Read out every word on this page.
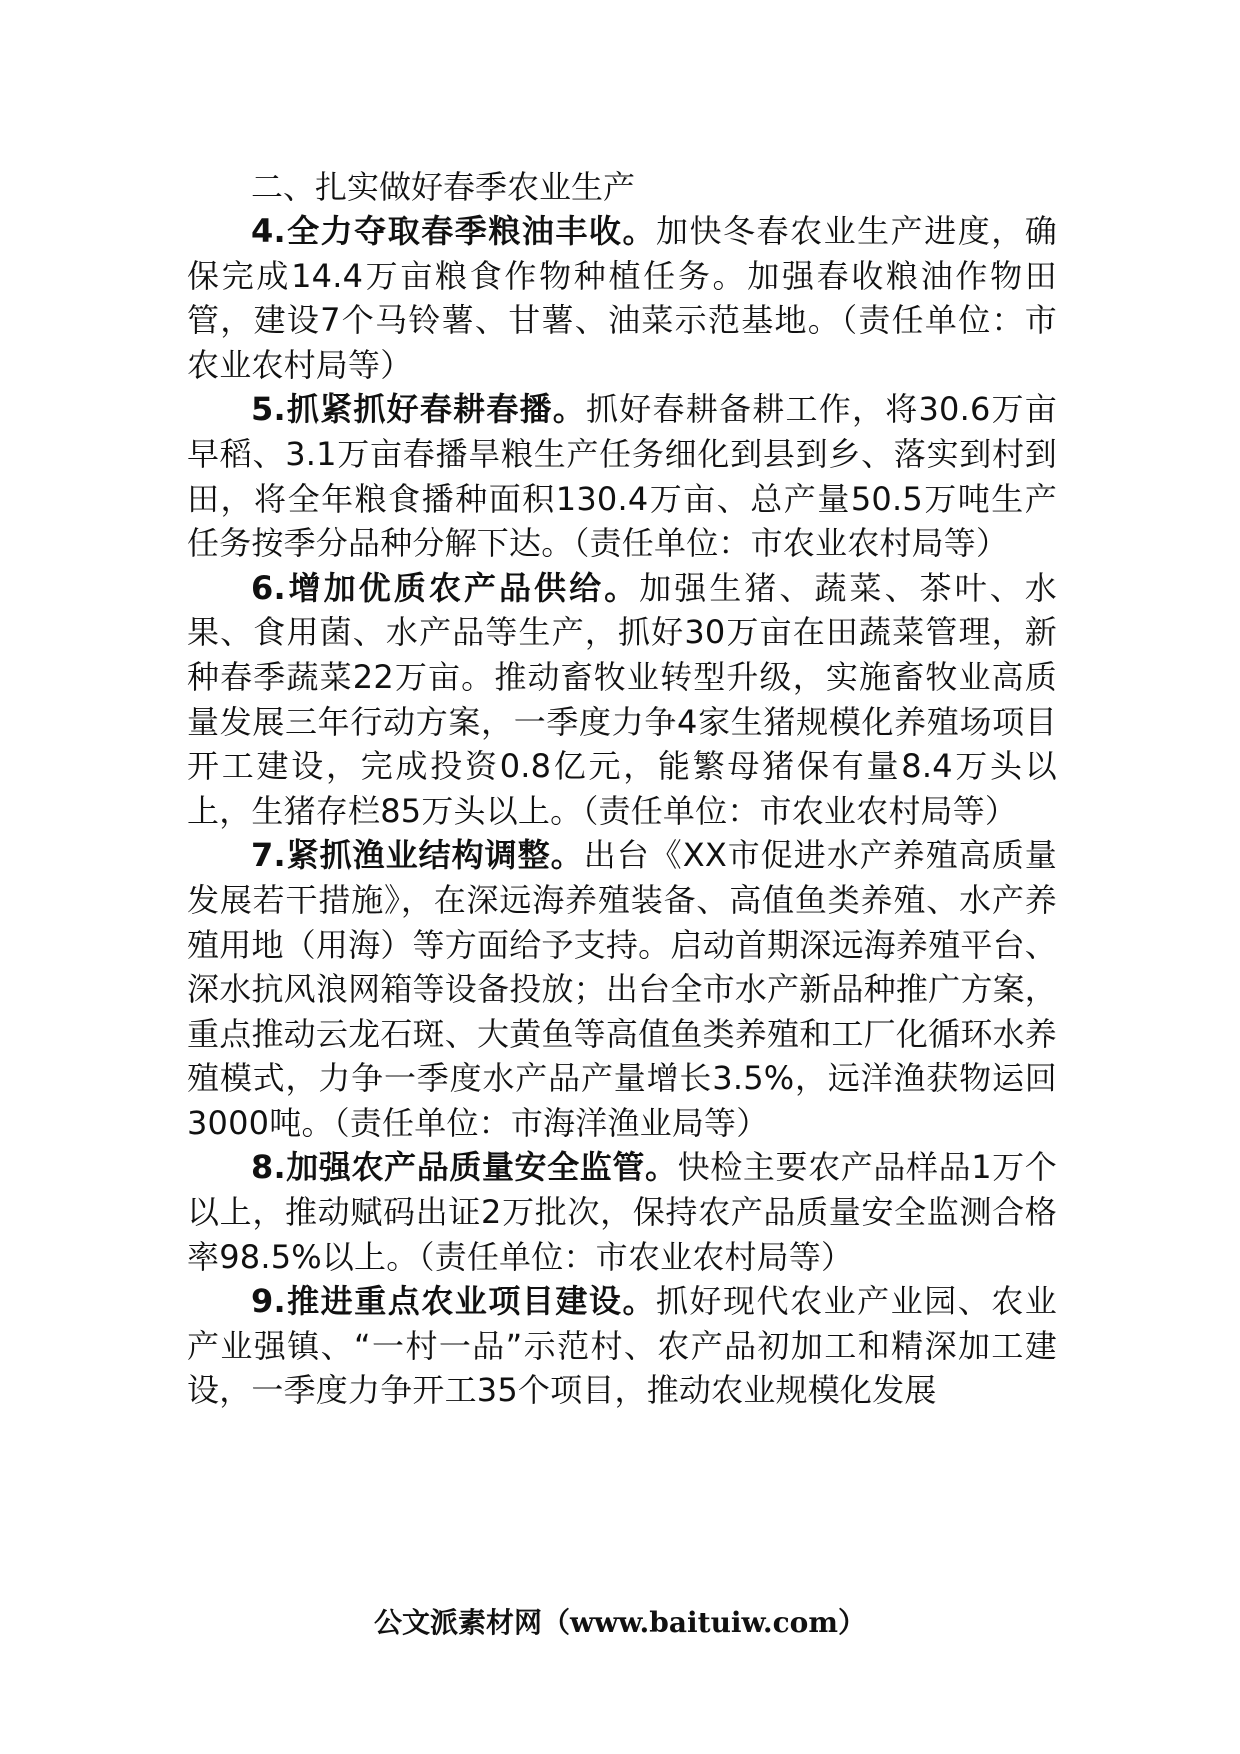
二、扎实做好春季农业生产

4.全力夺取春季粮油丰收。加快冬春农业生产进度，确保完成14.4万亩粮食作物种植任务。加强春收粮油作物田管，建设7个马铃薯、甘薯、油菜示范基地。（责任单位：市农业农村局等）

5.抓紧抓好春耕春播。抓好春耕备耕工作，将30.6万亩早稻、3.1万亩春播旱粮生产任务细化到县到乡、落实到村到田，将全年粮食播种面积130.4万亩、总产量50.5万吨生产任务按季分品种分解下达。（责任单位：市农业农村局等）

6.增加优质农产品供给。加强生猪、蔬菜、茶叶、水果、食用菌、水产品等生产，抓好30万亩在田蔬菜管理，新种春季蔬菜22万亩。推动畜牧业转型升级，实施畜牧业高质量发展三年行动方案，一季度力争4家生猪规模化养殖场项目开工建设，完成投资0.8亿元，能繁母猪保有量8.4万头以上，生猪存栏85万头以上。（责任单位：市农业农村局等）

7.紧抓渔业结构调整。出台《XX市促进水产养殖高质量发展若干措施》，在深远海养殖装备、高值鱼类养殖、水产养殖用地（用海）等方面给予支持。启动首期深远海养殖平台、深水抗风浪网箱等设备投放；出台全市水产新品种推广方案，重点推动云龙石斑、大黄鱼等高值鱼类养殖和工厂化循环水养殖模式，力争一季度水产品产量增长3.5%，远洋渔获物运回3000吨。（责任单位：市海洋渔业局等）

8.加强农产品质量安全监管。快检主要农产品样品1万个以上，推动赋码出证2万批次，保持农产品质量安全监测合格率98.5%以上。（责任单位：市农业农村局等）

9.推进重点农业项目建设。抓好现代农业产业园、农业产业强镇、“一村一品”示范村、农产品初加工和精深加工建设，一季度力争开工35个项目，推动农业规模化发展

公文派素材网（www.baituiw.com）
